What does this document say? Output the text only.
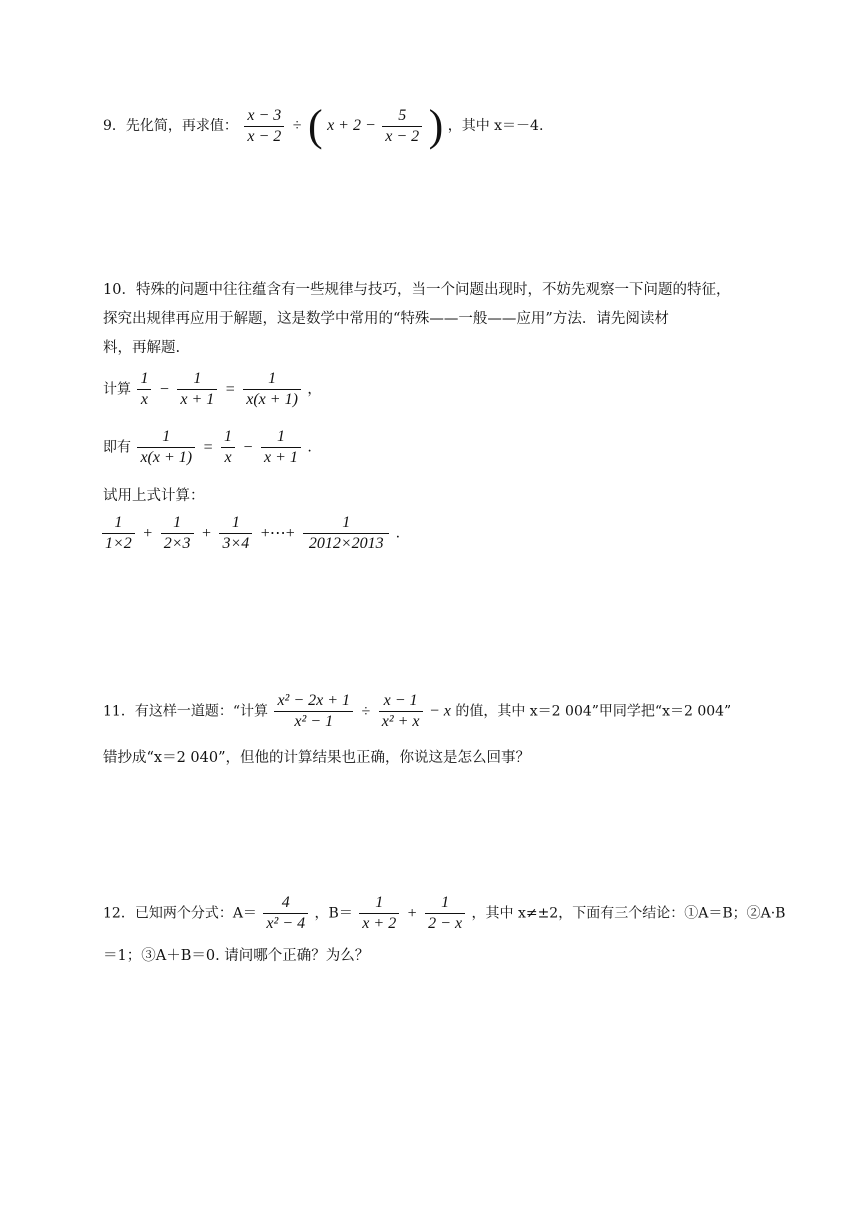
9．先化简，再求值： $\frac{x - 3}{x - 2}$ ÷ ( $x + 2 - \frac{5}{x - 2}$ ) ，其中 x＝－4.
10．特殊的问题中往往蕴含有一些规律与技巧，当一个问题出现时，不妨先观察一下问题的特征，
探究出规律再应用于解题，这是数学中常用的“特殊——一般——应用”方法．请先阅读材
料，再解题.
计算 $\frac{1}{x} - \frac{1}{x + 1} = \frac{1}{x(x + 1)}$ ，
即有 $\frac{1}{x(x + 1)} = \frac{1}{x} - \frac{1}{x + 1}$ .
试用上式计算：
$\frac{1}{1\times 2} + \frac{1}{2\times 3} + \frac{1}{3\times 4}$ +⋯+ $\frac{1}{2012\times 2013}$ .
11．有这样一道题：“计算 $\frac{\text{x² − 2x + 1}}{\text{x² − 1}} \div \frac{x - 1}{\text{x² + x}} - x$ 的值，其中 x＝2 004”甲同学把“x＝2 004”
错抄成“x＝2 040”，但他的计算结果也正确，你说这是怎么回事？
12．已知两个分式：$A= \frac{4}{\text{x² − 4}}$ ，$B= \frac{1}{x + 2} + \frac{1}{2 - x}$ ，其中 x≠±2，下面有三个结论：①A＝B；②A·B
＝1；③A＋B＝0. 请问哪个正确？为么？
